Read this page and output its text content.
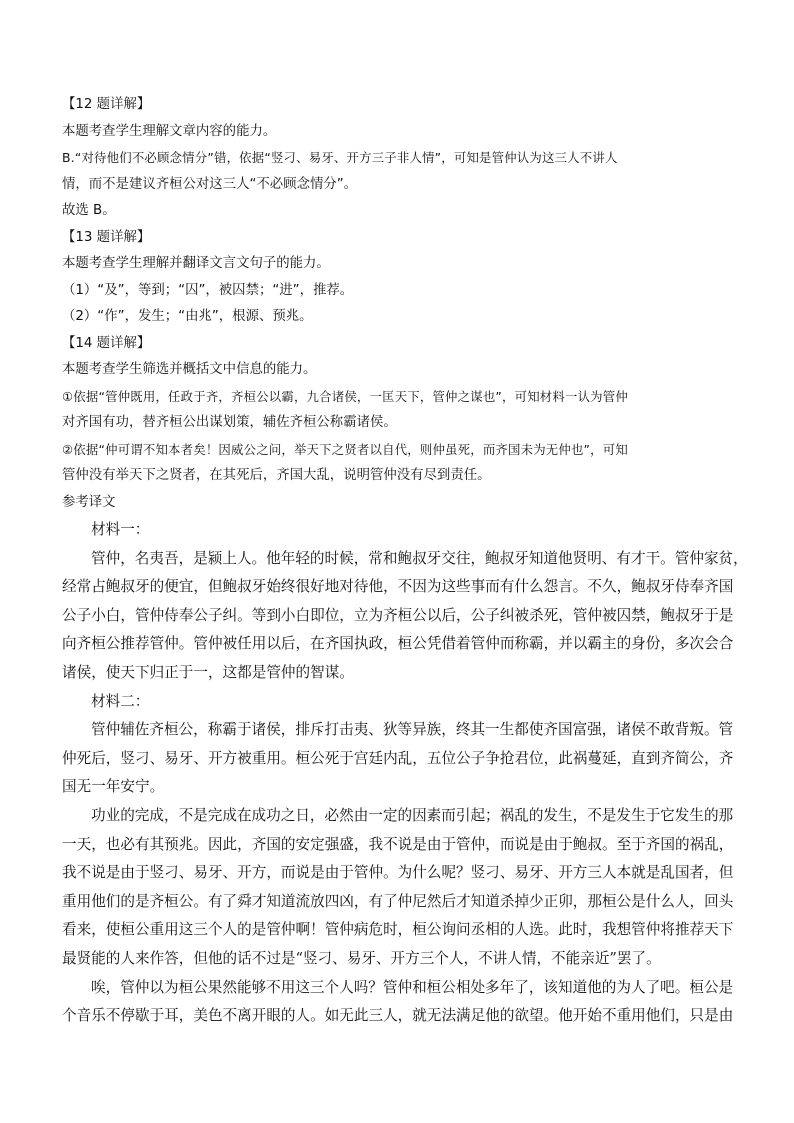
【12 题详解】
本题考查学生理解文章内容的能力。
B.“对待他们不必顾念情分”错，依据“竖刁、易牙、开方三子非人情”，可知是管仲认为这三人不讲人
情，而不是建议齐桓公对这三人“不必顾念情分”。
故选 B。
【13 题详解】
本题考查学生理解并翻译文言文句子的能力。
（1）“及”，等到；“囚”，被囚禁；“进”，推荐。
（2）“作”，发生；“由兆”，根源、预兆。
【14 题详解】
本题考查学生筛选并概括文中信息的能力。
①依据“管仲既用，任政于齐，齐桓公以霸，九合诸侯，一匡天下，管仲之谋也”，可知材料一认为管仲
对齐国有功，替齐桓公出谋划策，辅佐齐桓公称霸诸侯。
②依据“仲可谓不知本者矣！因威公之问，举天下之贤者以自代，则仲虽死，而齐国未为无仲也”，可知
管仲没有举天下之贤者，在其死后，齐国大乱，说明管仲没有尽到责任。
参考译文
材料一：
管仲，名夷吾，是颍上人。他年轻的时候，常和鲍叔牙交往，鲍叔牙知道他贤明、有才干。管仲家贫，
经常占鲍叔牙的便宜，但鲍叔牙始终很好地对待他，不因为这些事而有什么怨言。不久，鲍叔牙侍奉齐国
公子小白，管仲侍奉公子纠。等到小白即位，立为齐桓公以后，公子纠被杀死，管仲被囚禁，鲍叔牙于是
向齐桓公推荐管仲。管仲被任用以后，在齐国执政，桓公凭借着管仲而称霸，并以霸主的身份，多次会合
诸侯，使天下归正于一，这都是管仲的智谋。
材料二：
管仲辅佐齐桓公，称霸于诸侯，排斥打击夷、狄等异族，终其一生都使齐国富强，诸侯不敢背叛。管
仲死后，竖刁、易牙、开方被重用。桓公死于宫廷内乱，五位公子争抢君位，此祸蔓延，直到齐简公，齐
国无一年安宁。
功业的完成，不是完成在成功之日，必然由一定的因素而引起；祸乱的发生，不是发生于它发生的那
一天，也必有其预兆。因此，齐国的安定强盛，我不说是由于管仲，而说是由于鲍叔。至于齐国的祸乱，
我不说是由于竖刁、易牙、开方，而说是由于管仲。为什么呢？竖刁、易牙、开方三人本就是乱国者，但
重用他们的是齐桓公。有了舜才知道流放四凶，有了仲尼然后才知道杀掉少正卯，那桓公是什么人，回头
看来，使桓公重用这三个人的是管仲啊！管仲病危时，桓公询问丞相的人选。此时，我想管仲将推荐天下
最贤能的人来作答，但他的话不过是“竖刁、易牙、开方三个人，不讲人情，不能亲近”罢了。
唉，管仲以为桓公果然能够不用这三个人吗？管仲和桓公相处多年了，该知道他的为人了吧。桓公是
个音乐不停歇于耳，美色不离开眼的人。如无此三人，就无法满足他的欲望。他开始不重用他们，只是由
